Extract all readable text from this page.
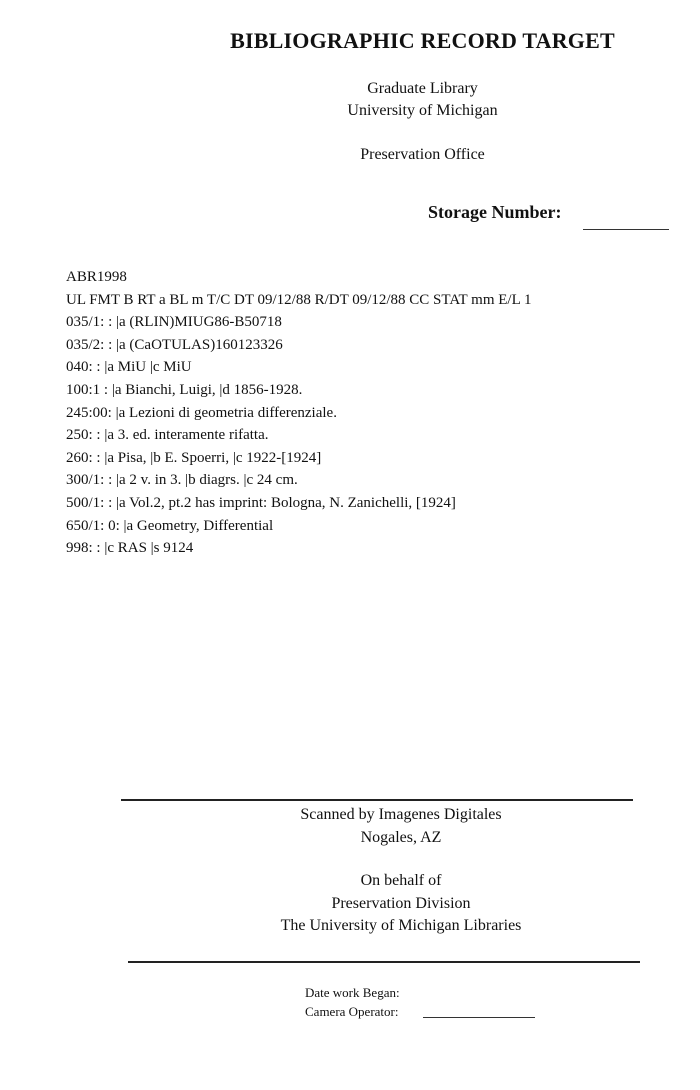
BIBLIOGRAPHIC RECORD TARGET
Graduate Library
University of Michigan
Preservation Office
Storage Number:
ABR1998
UL FMT B RT a BL m T/C DT 09/12/88 R/DT 09/12/88 CC STAT mm E/L 1
035/1: : |a (RLIN)MIUG86-B50718
035/2: : |a (CaOTULAS)160123326
040: : |a MiU |c MiU
100:1 : |a Bianchi, Luigi, |d 1856-1928.
245:00: |a Lezioni di geometria differenziale.
250: : |a 3. ed. interamente rifatta.
260: : |a Pisa, |b E. Spoerri, |c 1922-[1924]
300/1: : |a 2 v. in 3. |b diagrs. |c 24 cm.
500/1: : |a Vol.2, pt.2 has imprint: Bologna, N. Zanichelli, [1924]
650/1: 0: |a Geometry, Differential
998: : |c RAS |s 9124
Scanned by Imagenes Digitales
Nogales, AZ
On behalf of
Preservation Division
The University of Michigan Libraries
Date work Began:
Camera Operator:
